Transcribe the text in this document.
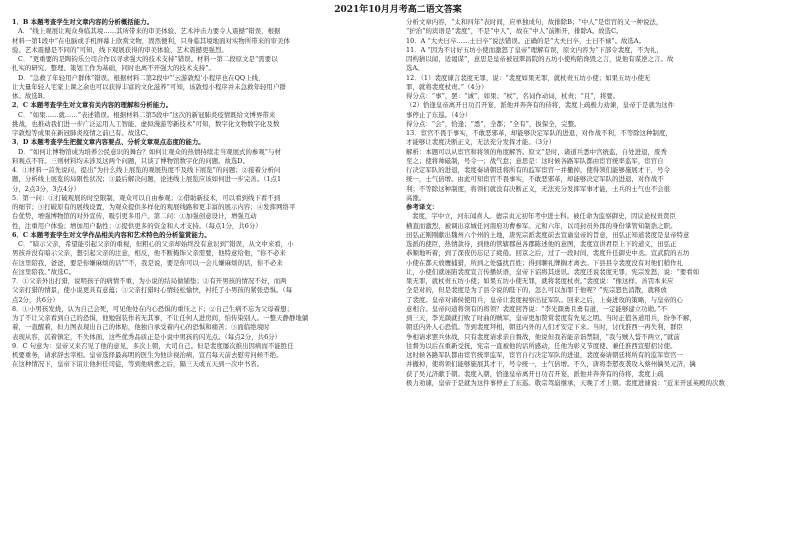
2021年10月月考高二语文答案
1．B 本题考查学生对文章内容的分析概括能力。
A．“线上观展让观众身临其境……其所带来的审美体验、艺术冲击力要令人震撼”错误，根据
材料一第1段中“在电脑或手机屏幕上欣赏文物，固然便利，只身临其境地面对实物所带来的审美体
验、艺术震撼是不同的”可知，线下观展获得的审美体验、艺术震撼更强烈。
C．“更重要的是陶钧乐公司合作以寻求强大的技术支持”错误。材料一第二段原文是“需要以
扎实的研究、整理、策划工作为基础，同时也离不开强大的技术支持”。
D．“急救了年轻用户群体”错误。根据材料二第2段中“‘云游敦煌’小程序也在QQ上线，
让大量年轻人宅家上课之余也可以获得丰富的文化滋养”可知，该敦煌小程序并未急救年轻用户群
体。故选B。
2．C 本题考查学生对文章有关内容的理解和分析能力。
C．“如果……就……”表述错误。根据材料二第5段中“这次的新冠肺炎疫情既给文博界带来
挑战，也推动我们进一步广泛运用人工智能、虚拟漫游等新技术”可知，数字化文物数字化及数
字敦煌等成果在新冠肺炎疫情之前已有。故选C。
3．D 本题考查学生把握文章内容要点、分析文章观点态度的能力。
D．“如何让博物馆成为培养公民意识的舞台？如何让观众的热情持续走当观展式的参观”与材
料观点不符。三则材料均未涉及这两个问题，只谈了博物馆数字化的问题。故选D。
4．①材料一首先说问，提出“为什么线上展览的观展热度不及线下展览”的问题；②接着分析问
题，分析线上展览的局限性状况；③最后解决问题，论述线上展览应该如何进一步完善。（1点1
分，2点3分，3点4分）
5．第一问：①打破观展的时空限制，观众可以自由参观；②借助新技术，可以看到线下看不到
的细节；③打破原有的展线设置，为观众提供多样化的观展线路和更丰富的展示内容；④发挥网络平
台优势，增强博物馆的对外宣传，吸引更多用户。第二问：①加强创意设计，增强互动
性，注重用户体验；增加用户黏性；②提供更多的资金和人才支持。（每点1分，共6分）
6．C 本题考查学生对文学作品相关内容和艺术特色的分析鉴赏能力。
C．“暗示父亲，希望能引起父亲的重视，但粗心的父亲却始终没有意识到”错误，从文中来看，小
男孩并没有暗示父亲，想引起父亲的注意，相反，他不断掩饰父亲需要，他特意给他，“你不必来
在这里陪我，爸爸，要是你嫌麻烦的话”“不，我是说，要是你可以一会儿嫌麻烦的话，你不必来
在这里陪我。”故选C。
7．①父亲外出打猎，说明孩子的病情不重，为小说的结局做铺垫；②有开男孩的情况不好，而两
父亲打猎的情景，使小说更具有意蕴；③父亲打猎时心情轻松愉快，衬托了小男孩的紧张恐惧。（每
点2分，共6分）
8．①小男孩发烧，认为自己会死，可见他处在内心恐惧的重压之下；②自己生病不忘为父母着想；
为了不让父亲看到自己的恐惧，他勉强装作若无其事，不让任何人进房间，怕传染别人。一整天静静地躺
着，一直醒着，但力图表现出自己的体贴，他独自承受着内心的恐惧和痛苦；③面临绝境时
表现从容，沉着镇定，不失体面，这些优秀品质正是小说中男孩的闪光点。（每点2分，共6分）
9．C 句意为：皇帝又来召见了他的意见，多次上朝，大司自己。但是裴度屡次推出因病而不能胜任
机要重务，请求辞去宰相。皇帝选择最高明的医生为他诊视治病，宣召每天前去慰劳问候不绝。
在这种情况下，皇帝下诏让他担任司徒，等到他病愈之后，隔三天或五天到一次中书省。
分析文章内容，“太和四年”表时间，应单独成句，故排除B；“中人”是宦官的又一种说法，
“护治”的宾语是“裴度”，不是“中人”，故在“中人”前断开，排除A。故选C。
10．A “大夫曰卒……士曰卒”说法错误。正确的是“大夫曰卒，士曰不禄”。故选A。
11．A “因为不讨好五坊小使而激怒了皇帝”理解有误，原文内容为“下部令裴度，不为礼，
因构猜以闻，适谒谋”，意思是皇帝被冠翠昌院的五坊小使构陷谗毁之言，说他有谋逆之言。故
选A。
12．（1）裴度谏言裴度无罪，说：“裴度如果无罪，就杖责五坊小使；如果五坊小使无
罪，就将裴度杖责。”（4分）
得分点：“事”，罢：“诚”，如果；“杖”，名词作动词，杖责；“且”，将要。
（2）恰逢皇帝离开日功召开宴，派他并奔奔有的侍将，裴度上疏极力劝谏，皇帝于是就为这件
事停止了东巡。（4分）
得分点：“会”，恰逢；“悉”，全都；“全有”，拔保全，完整。
13．宦官不畏于事实，不敢恶邪革，却能够决定军队的进退，对作战不利，不等除这种制度，
才能够让裴度决断正义，无法充分发挥才能。（3分）
解析：本题可以从宦官和将领的角度解答。原文“是时，诸道兵悉中宫统监，自处进退，废秀
至之；使将帅磁制，号令一；战气怠；意思是：这时候各路军队都由宦官统率监军，宦官自
行决定军队的进退，裴度奏请朝廷将所有的监军宦官一并撤掉，使得领们能够施展才干，号令
统一，士气倍增。由此可知宦官不畏事实，不敢恶邪革，却能够决定军队的进退，对作战不
利；不等除这种制度，将领们就没有决断正义，无法充分发挥军事才能，士兵的士气也不会很
高涨。
参考译文：
裴度，字中立，河东闻喜人。德宗贞元初年考中进士科。被任命为监察御史，因议论权贵贤臣
横直而激烈，被调出京城任河南府功曹参军。元和六年，以司封员外郎的身份掌管知制诰之职。
田弘正刚刚献出魏州六个州的土地，唐宪宗派裴度前去宣谕皇帝的旨意，田弘正知道裴度是皇帝特意
选派的使臣，热情款待，到他的管辖郡邑各郡陈述他的意图，裴度宣讲君臣上下的道义，田弘正
恭顺地听着，到了深夜仍忘记了疲倦。回京之后，过了一段时间，裴度升任御史中丞。宣武院的五坊
小使在都天放鹰捕猎，所到之处骚扰百姓；得到聊礼牌搁才离去。下县县令裴度没有对他们稍作礼
让，小使们就诬陷裴度宣言传播妖语，皇帝下诏将其送讯。裴度还说裴度无罪，宪宗发怒，说：“要看如
果无罪，就杖责五坊小使；如果五坊小使无罪，就将裴度杖责。”裴度说：“像这样，善罚本来应
全是对的，但是裴度是为了县令说的陛下的，怎么可以加罪于他呢？”宪宗怒色消散，就释放
了裴度。皇帝对诸侯使用兵，皇帝让裴度视察出征军队。回来之后，上奏进攻的策略，与皇帝的心
意相合。皇帝问道将领有的将领？裴度回答说：“李光颜勇且勇有道，一定能够建立功勋。”不
到三天，李光颜就打败了时曲的贼军，皇帝更加赞赏裴度有先见之明。当时正值各道用兵，纷争不解，
朝廷内外人心恐慌。等到裴度拜相，朝廷内外的人们才安定下来。当时，讨伐淮西一再失利，群臣
争相请求罢兵休战，只有裴度请求亲自督战，他说但我若能亲诣禁制，“我与贼人誓不两立，”就前
往督为以后在重新受抚，宪宗一直被他的话所感动，任他为彰义节度使、兼任淮西宣慰招讨使。
这时候各路军队都由宦官统率监军，宦官自行决定军队的进退，裴度奏请朝廷将所有的监军宦官一
并撤掉，使将领们能够施展其才干，号令统一，士气倍增。不久，唐将李愬夜袭攻入蔡州擒吴元济，擒
获了吴元济献于朝。裴度入朝，恰逢皇帝离开日功召开宴，派他并奔奔有的侍将，裴度上疏
极力劝谏，皇帝于是就为这件事停止了东巡。敬宗驾崩继承，天晚了才上朝。裴度进谏说：“近来开延英殿的次数
